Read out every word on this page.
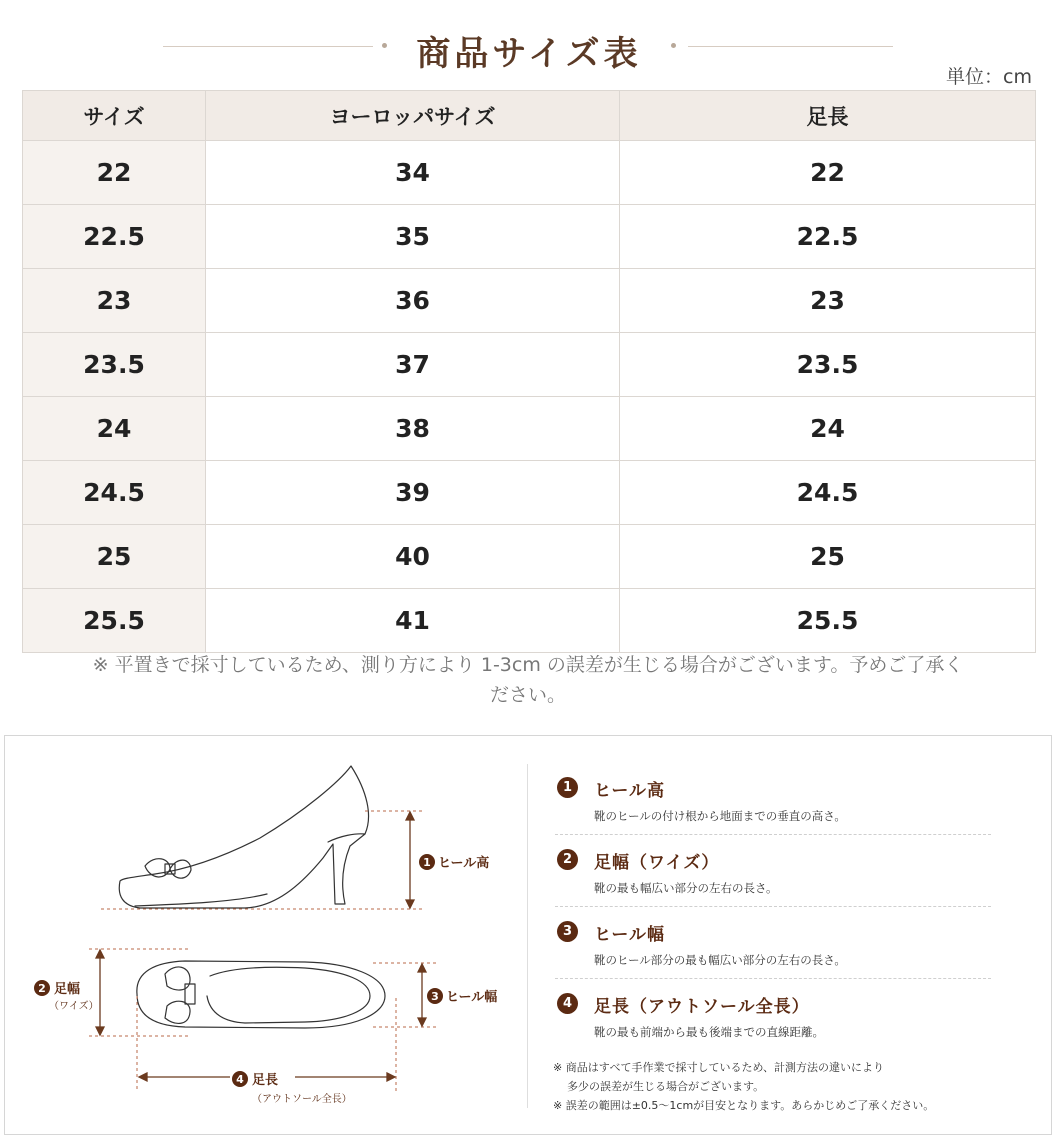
商品サイズ表
単位：cm
サイズ	ヨーロッパサイズ	足長
22	34	22
22.5	35	22.5
23	36	23
23.5	37	23.5
24	38	24
24.5	39	24.5
25	40	25
25.5	41	25.5
※ 平置きで採寸しているため、測り方により 1-3cm の誤差が生じる場合がございます。予めご了承く
ださい。
1 ヒール高
2 足幅
（ワイズ）
3 ヒール幅
4 足長
（アウトソール全長）
1	ヒール高
靴のヒールの付け根から地面までの垂直の高さ。
2	足幅（ワイズ）
靴の最も幅広い部分の左右の長さ。
3	ヒール幅
靴のヒール部分の最も幅広い部分の左右の長さ。
4	足長（アウトソール全長）
靴の最も前端から最も後端までの直線距離。
※ 商品はすべて手作業で採寸しているため、計測方法の違いにより
多少の誤差が生じる場合がございます。
※ 誤差の範囲は±0.5〜1cmが目安となります。あらかじめご了承ください。
